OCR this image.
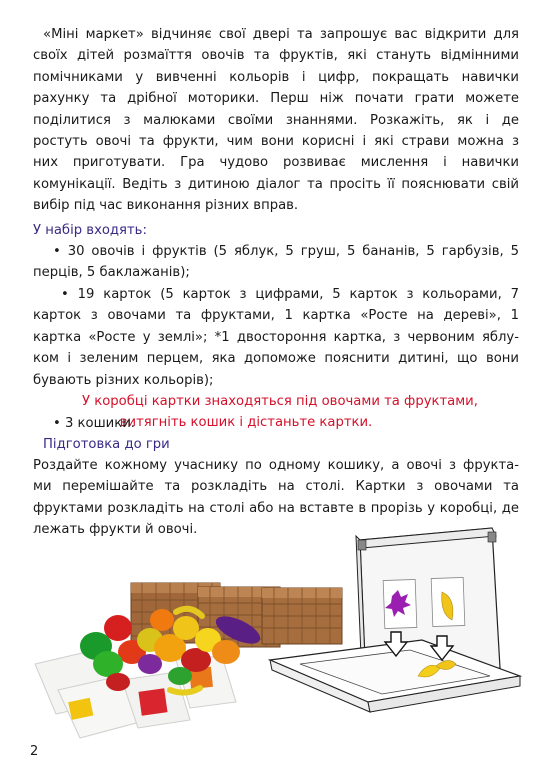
«Міні маркет» відчиняє свої двері та запрошує вас відкрити для
своїх дітей розмаїття овочів та фруктів, які стануть відмінними
помічниками у вивченні кольорів і цифр, покращать навички
рахунку та дрібної моторики. Перш ніж почати грати можете
поділитися з малюками своїми знаннями. Розкажіть, як і де
ростуть овочі та фрукти, чим вони корисні і які страви можна з
них приготувати. Гра чудово розвиває мислення і навички
комунікації. Ведіть з дитиною діалог та просіть її пояснювати свій
вибір під час виконання різних вправ.
У набір входять:
• 30 овочів і фруктів (5 яблук, 5 груш, 5 бананів, 5 гарбузів, 5
перців, 5 баклажанів);
• 19 карток (5 карток з цифрами, 5 карток з кольорами, 7
карток з овочами та фруктами, 1 картка «Росте на дереві», 1
картка «Росте у землі»; *1 двостороння картка, з червоним яблу-
ком і зеленим перцем, яка допоможе пояснити дитині, що вони
бувають різних кольорів);
У коробці картки знаходяться під овочами та фруктами,
витягніть кошик і дістаньте картки.
• 3 кошики.
Підготовка до гри
Роздайте кожному учаснику по одному кошику, а овочі з фрукта-
ми перемішайте та розкладіть на столі. Картки з овочами та
фруктами розкладіть на столі або на вставте в прорізь у коробці, де
лежать фрукти й овочі.
2
